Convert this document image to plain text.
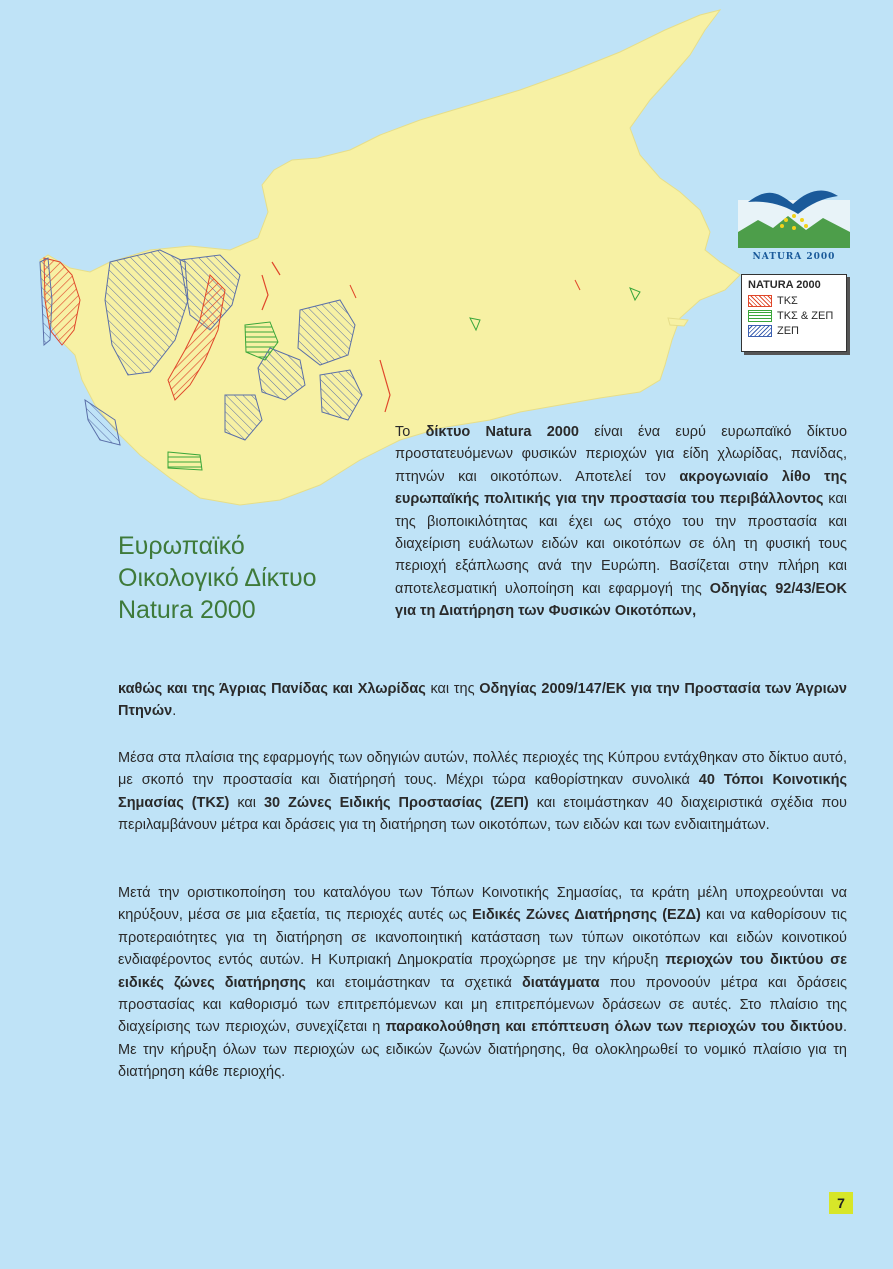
NATURA 2000
NATURA 2000
ΤΚΣ
ΤΚΣ & ΖΕΠ
ΖΕΠ
Ευρωπαϊκό
Οικολογικό Δίκτυο
Natura 2000
Το δίκτυο Natura 2000 είναι ένα ευρύ ευρωπαϊκό δίκτυο προστατευόμενων φυσικών περιοχών για είδη χλωρίδας, πανίδας, πτηνών και οικοτόπων. Αποτελεί τον ακρογωνιαίο λίθο της ευρωπαϊκής πολιτικής για την προστασία του περιβάλλοντος και της βιοποικιλότητας και έχει ως στόχο του την προστασία και διαχείριση ευάλωτων ειδών και οικοτόπων σε όλη τη φυσική τους περιοχή εξάπλωσης ανά την Ευρώπη. Βασίζεται στην πλήρη και αποτελεσματική υλοποίηση και εφαρμογή της Οδηγίας 92/43/ΕΟΚ για τη Διατήρηση των Φυσικών Οικοτόπων,
καθώς και της Άγριας Πανίδας και Χλωρίδας και της Οδηγίας 2009/147/ΕΚ για την Προστασία των Άγριων Πτηνών.
Μέσα στα πλαίσια της εφαρμογής των οδηγιών αυτών, πολλές περιοχές της Κύπρου εντάχθηκαν στο δίκτυο αυτό, με σκοπό την προστασία και διατήρησή τους. Μέχρι τώρα καθορίστηκαν συνολικά 40 Τόποι Κοινοτικής Σημασίας (ΤΚΣ) και 30 Ζώνες Ειδικής Προστασίας (ΖΕΠ) και ετοιμάστηκαν 40 διαχειριστικά σχέδια που περιλαμβάνουν μέτρα και δράσεις για τη διατήρηση των οικοτόπων, των ειδών και των ενδιαιτημάτων.
Μετά την οριστικοποίηση του καταλόγου των Τόπων Κοινοτικής Σημασίας, τα κράτη μέλη υποχρεούνται να κηρύξουν, μέσα σε μια εξαετία, τις περιοχές αυτές ως Ειδικές Ζώνες Διατήρησης (ΕΖΔ) και να καθορίσουν τις προτεραιότητες για τη διατήρηση σε ικανοποιητική κατάσταση των τύπων οικοτόπων και ειδών κοινοτικού ενδιαφέροντος εντός αυτών. Η Κυπριακή Δημοκρατία προχώρησε με την κήρυξη περιοχών του δικτύου σε ειδικές ζώνες διατήρησης και ετοιμάστηκαν τα σχετικά διατάγματα που προνοούν μέτρα και δράσεις προστασίας και καθορισμό των επιτρεπόμενων και μη επιτρεπόμενων δράσεων σε αυτές. Στο πλαίσιο της διαχείρισης των περιοχών, συνεχίζεται η παρακολούθηση και επόπτευση όλων των περιοχών του δικτύου. Με την κήρυξη όλων των περιοχών ως ειδικών ζωνών διατήρησης, θα ολοκληρωθεί το νομικό πλαίσιο για τη διατήρηση κάθε περιοχής.
7
